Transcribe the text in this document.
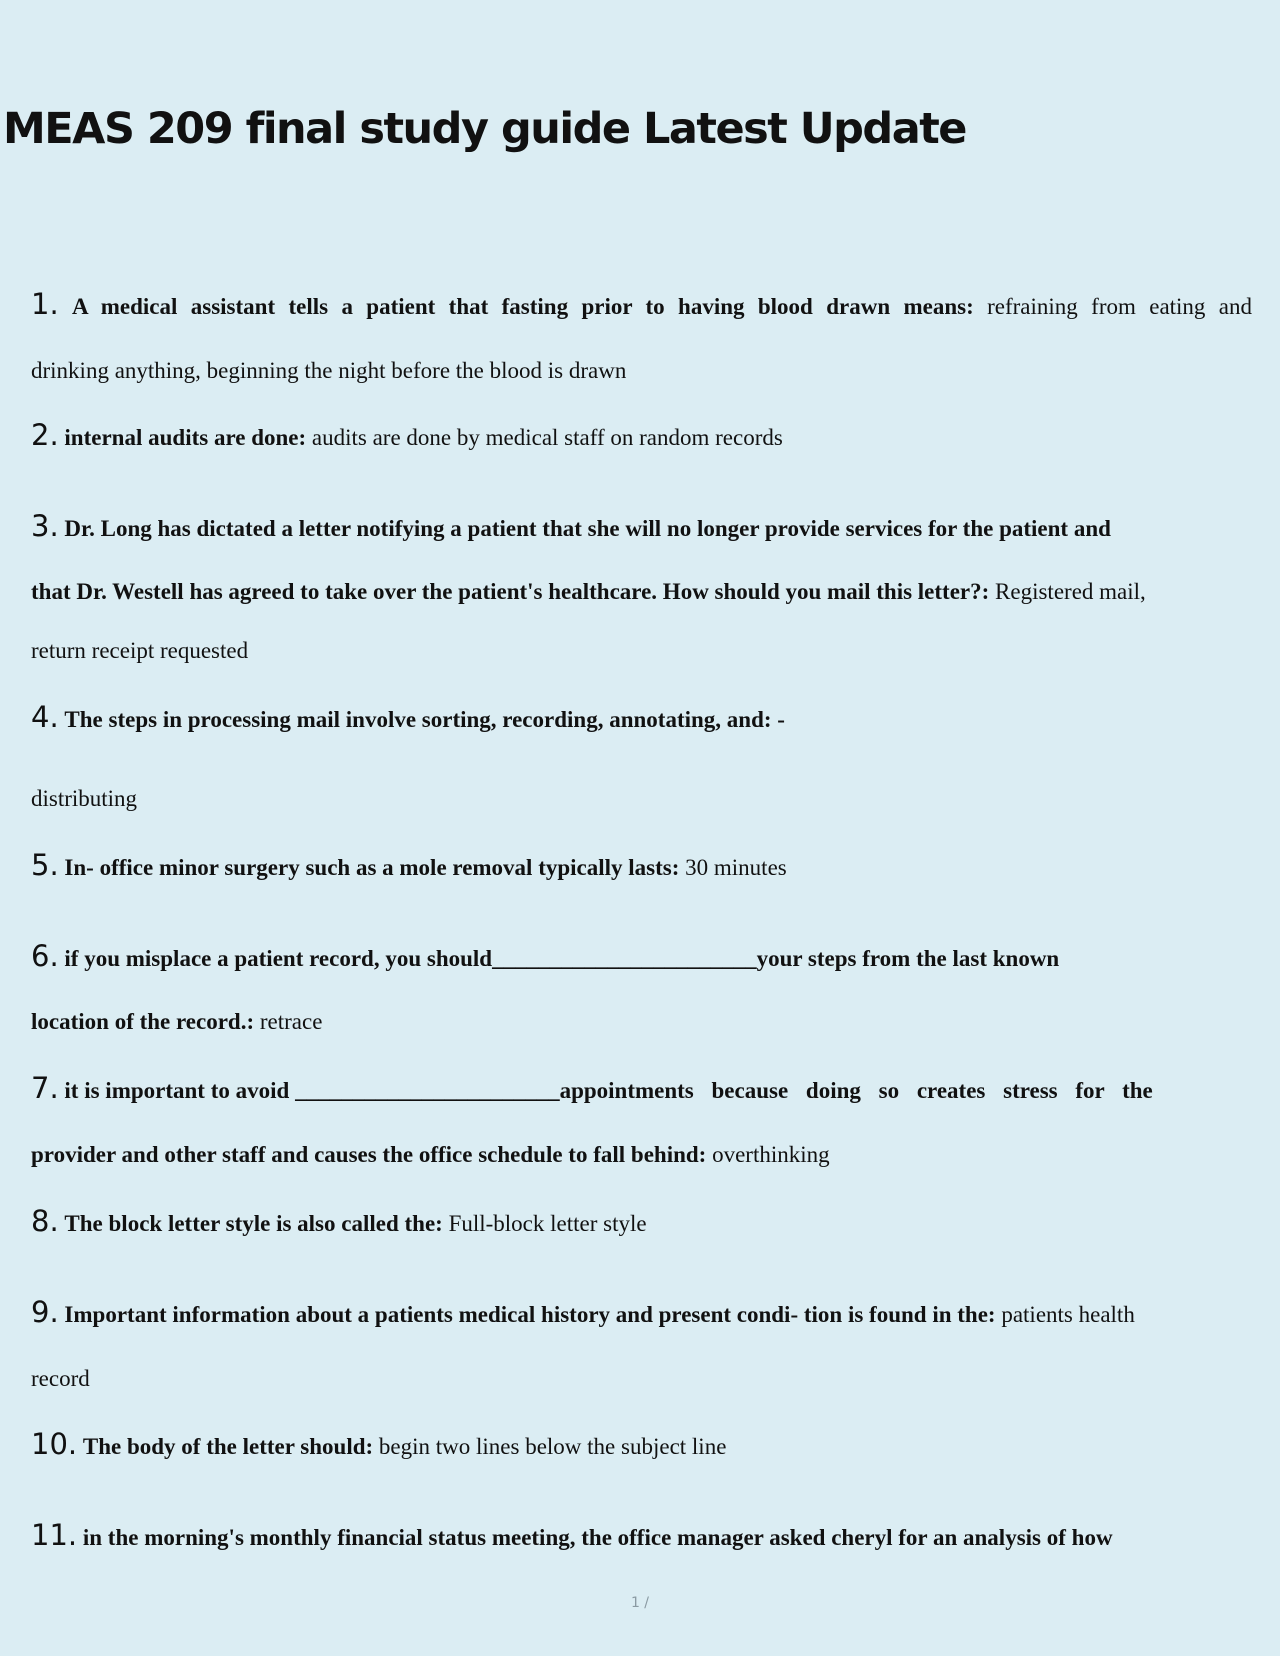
MEAS 209 final study guide Latest Update
1. A medical assistant tells a patient that fasting prior to having blood drawn means: refraining from eating and
drinking anything, beginning the night before the blood is drawn
2. internal audits are done: audits are done by medical staff on random records
3. Dr. Long has dictated a letter notifying a patient that she will no longer provide services for the patient and
that Dr. Westell has agreed to take over the patient's healthcare. How should you mail this letter?: Registered mail,
return receipt requested
4. The steps in processing mail involve sorting, recording, annotating, and: -
distributing
5. In- office minor surgery such as a mole removal typically lasts: 30 minutes
6. if you misplace a patient record, you should_______________________your steps from the last known
location of the record.: retrace
7. it is important to avoid _______________________appointments because doing so creates stress for the
provider and other staff and causes the office schedule to fall behind: overthinking
8. The block letter style is also called the: Full-block letter style
9. Important information about a patients medical history and present condi- tion is found in the: patients health
record
10. The body of the letter should: begin two lines below the subject line
11. in the morning's monthly financial status meeting, the office manager asked cheryl for an analysis of how
1 /
